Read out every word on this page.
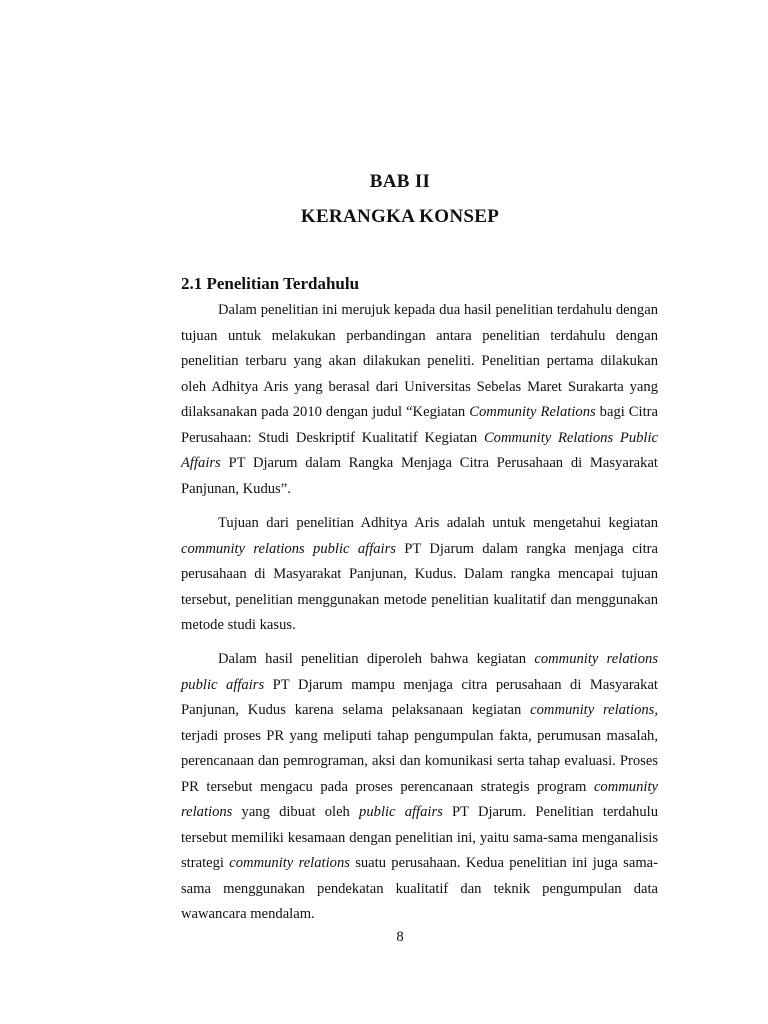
BAB II
KERANGKA KONSEP
2.1 Penelitian Terdahulu

Dalam penelitian ini merujuk kepada dua hasil penelitian terdahulu dengan tujuan untuk melakukan perbandingan antara penelitian terdahulu dengan penelitian terbaru yang akan dilakukan peneliti. Penelitian pertama dilakukan oleh Adhitya Aris yang berasal dari Universitas Sebelas Maret Surakarta yang dilaksanakan pada 2010 dengan judul “Kegiatan Community Relations bagi Citra Perusahaan: Studi Deskriptif Kualitatif Kegiatan Community Relations Public Affairs PT Djarum dalam Rangka Menjaga Citra Perusahaan di Masyarakat Panjunan, Kudus”.

Tujuan dari penelitian Adhitya Aris adalah untuk mengetahui kegiatan community relations public affairs PT Djarum dalam rangka menjaga citra perusahaan di Masyarakat Panjunan, Kudus. Dalam rangka mencapai tujuan tersebut, penelitian menggunakan metode penelitian kualitatif dan menggunakan metode studi kasus.

Dalam hasil penelitian diperoleh bahwa kegiatan community relations public affairs PT Djarum mampu menjaga citra perusahaan di Masyarakat Panjunan, Kudus karena selama pelaksanaan kegiatan community relations, terjadi proses PR yang meliputi tahap pengumpulan fakta, perumusan masalah, perencanaan dan pemrograman, aksi dan komunikasi serta tahap evaluasi. Proses PR tersebut mengacu pada proses perencanaan strategis program community relations yang dibuat oleh public affairs PT Djarum. Penelitian terdahulu tersebut memiliki kesamaan dengan penelitian ini, yaitu sama-sama menganalisis strategi community relations suatu perusahaan. Kedua penelitian ini juga sama-sama menggunakan pendekatan kualitatif dan teknik pengumpulan data wawancara mendalam.

8
